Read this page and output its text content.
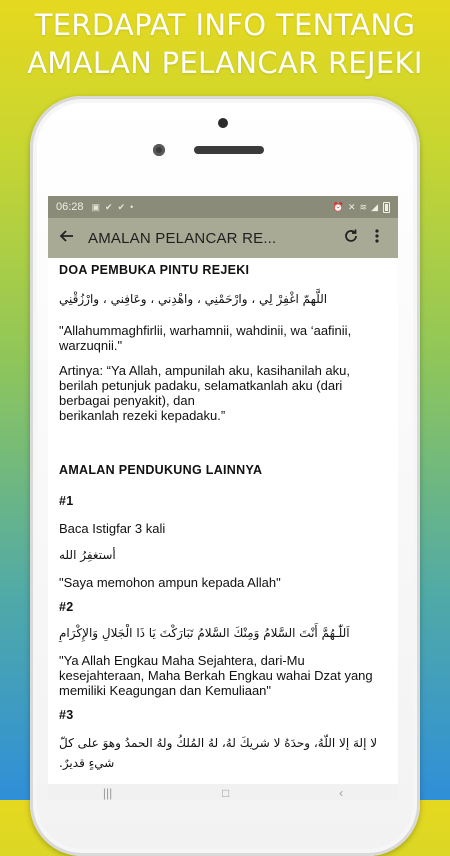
TERDAPAT INFO TENTANG
AMALAN PELANCAR REJEKI
06:28 ▣ ✔ ✔ •	⏰ ✕ ≋ ◢
AMALAN PELANCAR RE...
DOA PEMBUKA PINTU REJEKI
اللَّهمّ اغْفِرْ لِي ، وارْحَمْنِي ، واهْدِني ، وعَافِني ، وارْزُقْنِي
"Allahummaghfirlii, warhamnii, wahdinii, wa ‘aafinii, warzuqnii."
Artinya: “Ya Allah, ampunilah aku, kasihanilah aku, berilah petunjuk padaku, selamatkanlah aku (dari berbagai penyakit), dan
berikanlah rezeki kepadaku.”
AMALAN PENDUKUNG LAINNYA
#1
Baca Istigfar 3 kali
أستغفِرُ الله
"Saya memohon ampun kepada Allah"
#2
اَللّٰـهُمَّ أَنْتَ السَّلامُ وَمِنْكَ السَّلامُ تَبَارَكْتَ يَا ذَا الْجَلالِ وَالإِكْرَامِ
"Ya Allah Engkau Maha Sejahtera, dari-Mu kesejahteraan, Maha Berkah Engkau wahai Dzat yang memiliki Keagungan dan Kemuliaan"
#3
لا إلهَ إلا اللّهُ، وحدَهُ لا شريكَ لهُ، لهُ المُلكُ ولهُ الحمدُ وهوَ على كلّ شيءٍ قديرٌ.
|||	□	‹
